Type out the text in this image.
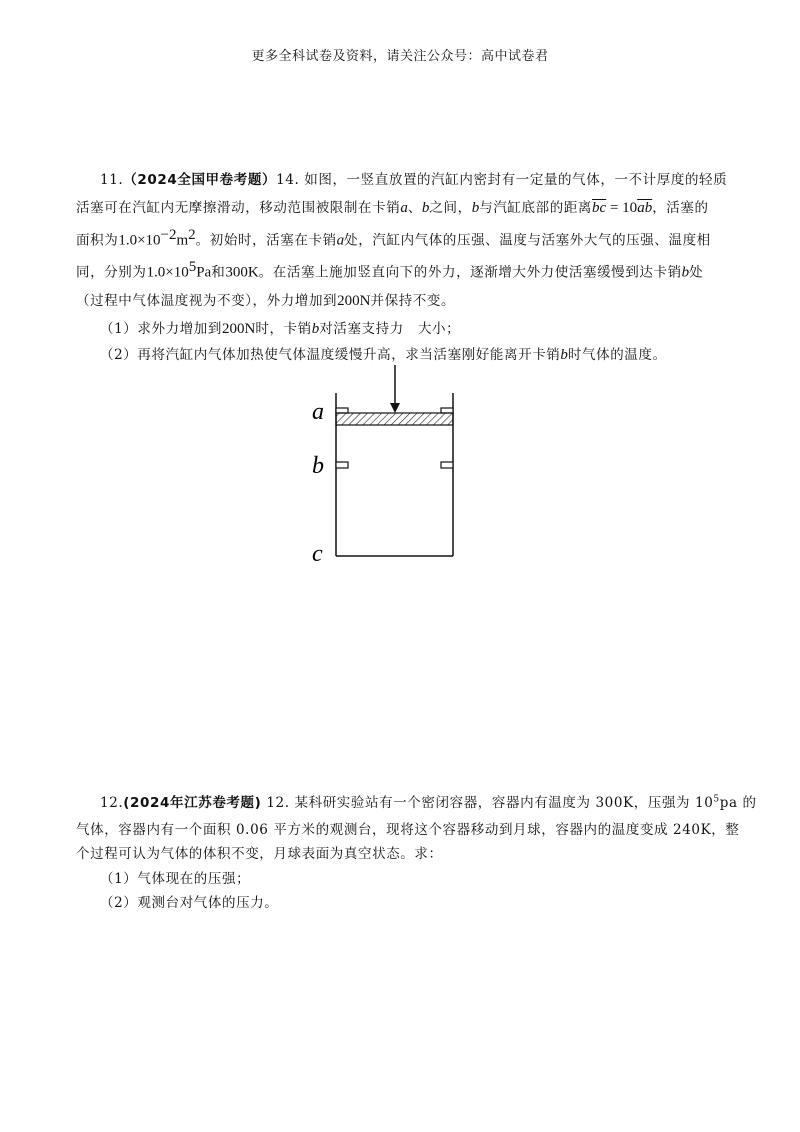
更多全科试卷及资料，请关注公众号：高中试卷君
11.（2024全国甲卷考题）14. 如图，一竖直放置的汽缸内密封有一定量的气体，一不计厚度的轻质
活塞可在汽缸内无摩擦滑动，移动范围被限制在卡销a、b之间，b与汽缸底部的距离$\overline{bc} = 10\overline{ab}$，活塞的
面积为$1.0\times 10^{-2}m^2$。初始时，活塞在卡销a处，汽缸内气体的压强、温度与活塞外大气的压强、温度相
同，分别为$1.0\times 10^5Pa$和300K。在活塞上施加竖直向下的外力，逐渐增大外力使活塞缓慢到达卡销b处
（过程中气体温度视为不变），外力增加到200N并保持不变。
（1）求外力增加到200N时，卡销b对活塞支持力　大小；
（2）再将汽缸内气体加热使气体温度缓慢升高，求当活塞刚好能离开卡销b时气体的温度。
a
b
c
12.(2024年江苏卷考题) 12. 某科研实验站有一个密闭容器，容器内有温度为 300K，压强为 $10^5pa$ 的
气体，容器内有一个面积 0.06 平方米的观测台，现将这个容器移动到月球，容器内的温度变成 240K，整
个过程可认为气体的体积不变，月球表面为真空状态。求：
（1）气体现在的压强；
（2）观测台对气体的压力。
